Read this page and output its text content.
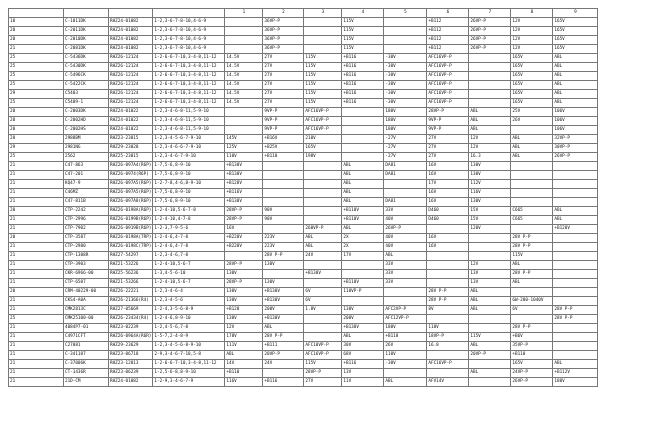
				1	2	3	4	5	6	7	8	9
18	C-1811DK	RHZ24-01082	1-2,3-6-7-8-10,4-6-9		36VP-P		115V		+B112	26VP-P	12V	165V
20	C-2011DK	RHZ24-01082	1-2,3-6-7-8-10,4-6-9		36VP-P		115V		+B112	26VP-P	12V	165V
20	C-2010DK	RHZ24-01082	1-2,3-6-7-8-10,4-6-9		36VP-P		115V		+B112	26VP-P	12V	165V
21	C-2081DK	RHZ24-01082	1-2,3-6-7-8-10,4-6-9		36VP-P		115V		+B112	26VP-P	12V	165V
25	C-5436DK	RHZ26-12124	1-2-6-6-7-10,3-4-8,11-12	14.5V	27V	115V	+B116	-30V	AFC16VP-P		165V	ABL
25	C-5430DK	RHZ26-12124	1-2-6-6-7-10,3-4-8,11-12	14.5V	27V	115V	+B116	-30V	AFC16VP-P		165V	ABL
25	C-5496CK	RHZ26-12124	1-2-6-6-7-10,3-4-8,11-12	14.5V	27V	115V	+B116	-30V	AFC16VP-P		165V	ABL
25	C-5422CK	RHZ26-12124	1-2-6-6-7-10,3-4-8,11-12	14.5V	27V	115V	+B116	-30V	AFC16VP-P		165V	ABL
29	C5403	RHZ26-12124	1-2-6-6-7-10,3-4-8,11-12	14.5V	27V	115V	+B116	-30V	AFC16VP-P		165V	ABL
25	C5409-1	RHZ26-12124	1-2-6-6-7-10,3-4-8,11-12	14.5V	27V	115V	+B116	-30V	AFC16VP-P		165V	ABL
20	C-2003DK	RHZ24-01022	1-2,3-4-6-8-11,5-9-10		9VP-P	AFC16VP-P		180V	28VP-P	ABL	25V	106V
20	C-2002HD	RHZ24-01022	1-2,3-4-6-8-11,5-9-10		9VP-P	AFC16VP-P		180V	9VP-P	ABL	26V	106V
20	C-2002HS	RHZ24-01022	1-2,3-4-6-8-11,5-9-10		9VP-P	AFC16VP-P		180V	9VP-P	ABL		106V
28	2988BM	RHZ23-23015	1-2,3-4-5-6-7-9-10	145V	+B16V	210V		-27V	27V	12V	ABL	32VP-P
29	2981NG	RHZ29-23028	1-2,3-4-6-6-7-9-10	125V	+B25V	165V		-27V	27V	12V	ABL	30VP-P
25	2562	RHZ25-23015	1-2,3-4-6-7-9-10	110V	+B110	198V		-27V	27V	16.3	ABL	26VP-P
21	C47-863	RHZ26-097A4(R6P)	1-7,5-6,8-9-10	+B130V			ABL	DA81	16V	130V		
21	C47-201	RHZ26-0974(R6P)	1-7,5-6,8-9-10	+B130V			ABL	DA81	16V	130V		
21	KQ47-9	RHZ26-097A5(R6P)	1-2-7-8,4-6,8-9-10	+B128V			ABL		17V	112V		
21	C46MZ	RHZ26-097A5(R6P)	1-7,5-6,8-9-10	+B116V			ABL		16V	116V		
21	C47-811B	RHZ26-097A8(R6P)	1-7,5-6,8-9-10	+B130V			ABL	DA81	16V	130V		
20	CTP-2242	RHZ26-0198A(R6P)	1-2-4-10,5-6-7-8	28VP-P	90V		+B110V	33V	D460	15V	C665	ABL
21	CTP-2996	RHZ26-0199B(R6P)	1-2-4-10,4-7-8	28VP-P	90V		+B110V	40V	D460	15V	C665	ABL
21	CTP-7902	RHZ26-0919B(R6P)	1-2-3,7-9-5-6	16V		260VP-P	ABL	26VP-P		120V		+B120V
20	CTP-3587	RHZ26-0198A(7RP)	1-2-4-6,4-7-8	+B220V	223V	ABL	2X	40V	16V		28V P-P	
21	CTP-2980	RHZ26-0198C(7RP)	1-2-4-6,4-7-8	+B220V	223V	ABL	2X	40V	16V		28V P-P	
21	CTP-1308R	RHZ27-54297	1-2,3-4-6,7-8		28V P-P	24V	17V	ABL			115V	
21	CTP-3903	RHZ21-53226	1-2-4-10,5-6-7	28VP-P	130V			33V		12V	ABL	
21	CKR-6966-00	RHZ25-56236	1-3,4-5-6-10	130V		+B130V		33V		13V	28V P-P	
21	CTP-6507	RHZ21-53266	1-2-4-10,5-6-7	28VP-P	130V		+B110V	33V		13V	ABL	
20	CRM-40229-00	RHZ26-22221	1-2,3-4-6-4	130V	+B130V	6V	110VP-P		28V P-P	ABL		
21	CKS4-A0A	RHZ26-21366(R4)	1-2,3-4-5-6	130V	+B130V	6V			28V P-P	ABL	6W-200-1040V	
21	CMK2813C	RHZ27-05669	1-2-4,3-5-6-8-9	+B120	200V	1.8V	130V	AFC2VP-P	8V	ABL	6V	28V P-P
25	CMK25100-00	RHZ26-23434(R4)	1-2-4-6,8-9-10	130V	+B130V		200V	AFC12VP-P				28V P-P
21	4084P7-01	RHZ23-02239	1-2,4-5-6,7-8	12V	ABL		+B130V	180V	110V		28V P-P	
21	C4971CFT	RHZ26-0964A(R6R)	1-5-7,2-4-8-9	178V	28V P-P		ABL	+B118	18VP-P	115V	+B6V	
21	C27081	RHZ29-23629	1-2,3-4-5-6-8-9-10	111V	+B111	AFC10VP-P	30V	26V	16.8	ABL	35VP-P	
21	C-341107	RHZ23-06718	2-9,3-4-6-7-10,5-8	ABL	20VP-P	AFC16VP-P	68V	110V		20VP-P	+B110	
21	C-37006K	RHZ23-12013	1-2-6-6-7-10,3-4-8,11-12	14V	24V	115V	+B116	-30V	AFC16VP-P		165V	ABL
21	CT-1436R	RHZ23-06239	1-2,5-6-8,8-9-10	+B110		28VP-P	13V			ABL	24VP-P	+B112V
21	21D-CM	RHZ24-01082	1-2-9,3-4-6-7-9	116V	+B116	27V	11V	ABL	AFV14V		26VP-P	180V
